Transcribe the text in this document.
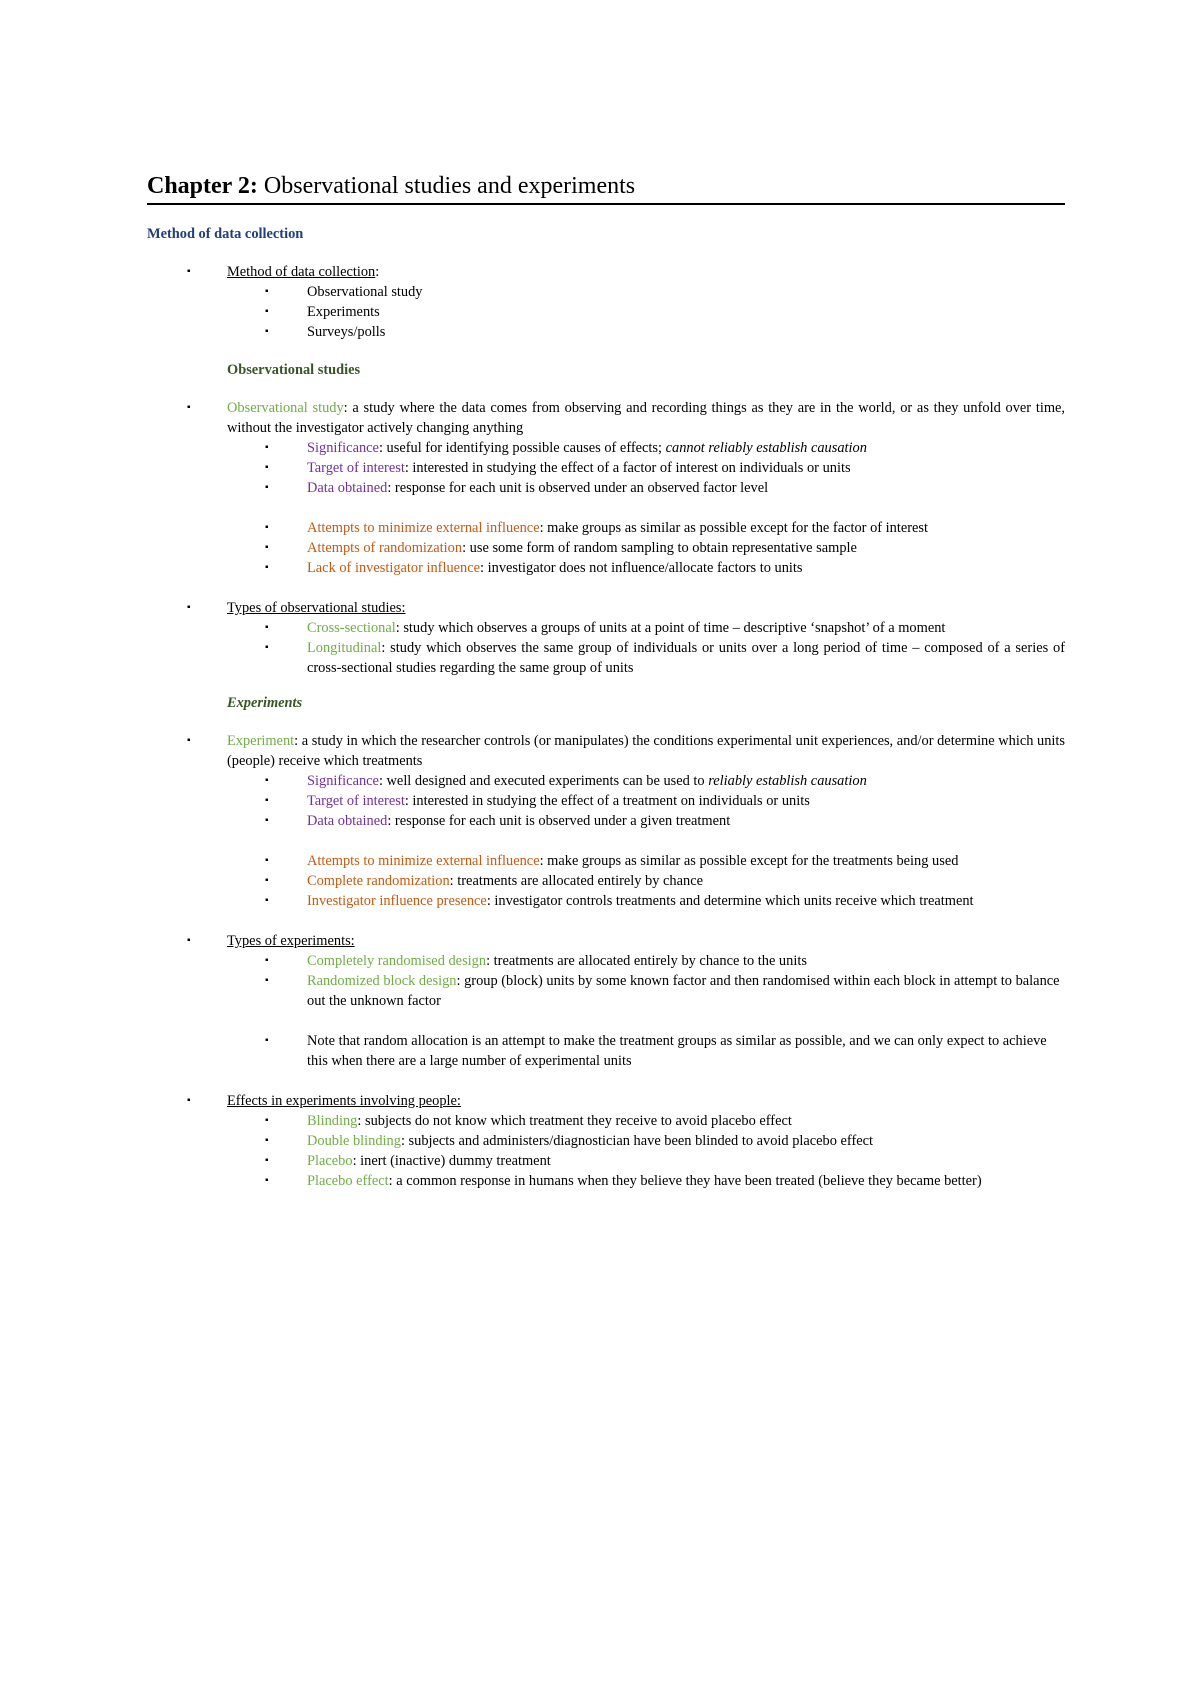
Chapter 2: Observational studies and experiments
Method of data collection
▪	Method of data collection:
▪	Observational study
▪	Experiments
▪	Surveys/polls
Observational studies
▪	Observational study: a study where the data comes from observing and recording things as they are in the world, or as they unfold over time, without the investigator actively changing anything
▪	Significance: useful for identifying possible causes of effects; cannot reliably establish causation
▪	Target of interest: interested in studying the effect of a factor of interest on individuals or units
▪	Data obtained: response for each unit is observed under an observed factor level
▪	Attempts to minimize external influence: make groups as similar as possible except for the factor of interest
▪	Attempts of randomization: use some form of random sampling to obtain representative sample
▪	Lack of investigator influence: investigator does not influence/allocate factors to units
▪	Types of observational studies:
▪	Cross-sectional: study which observes a groups of units at a point of time – descriptive ‘snapshot’ of a moment
▪	Longitudinal: study which observes the same group of individuals or units over a long period of time – composed of a series of cross-sectional studies regarding the same group of units
Experiments
▪	Experiment: a study in which the researcher controls (or manipulates) the conditions experimental unit experiences, and/or determine which units (people) receive which treatments
▪	Significance: well designed and executed experiments can be used to reliably establish causation
▪	Target of interest: interested in studying the effect of a treatment on individuals or units
▪	Data obtained: response for each unit is observed under a given treatment
▪	Attempts to minimize external influence: make groups as similar as possible except for the treatments being used
▪	Complete randomization: treatments are allocated entirely by chance
▪	Investigator influence presence: investigator controls treatments and determine which units receive which treatment
▪	Types of experiments:
▪	Completely randomised design: treatments are allocated entirely by chance to the units
▪	Randomized block design: group (block) units by some known factor and then randomised within each block in attempt to balance out the unknown factor
▪	Note that random allocation is an attempt to make the treatment groups as similar as possible, and we can only expect to achieve this when there are a large number of experimental units
▪	Effects in experiments involving people:
▪	Blinding: subjects do not know which treatment they receive to avoid placebo effect
▪	Double blinding: subjects and administers/diagnostician have been blinded to avoid placebo effect
▪	Placebo: inert (inactive) dummy treatment
▪	Placebo effect: a common response in humans when they believe they have been treated (believe they became better)
